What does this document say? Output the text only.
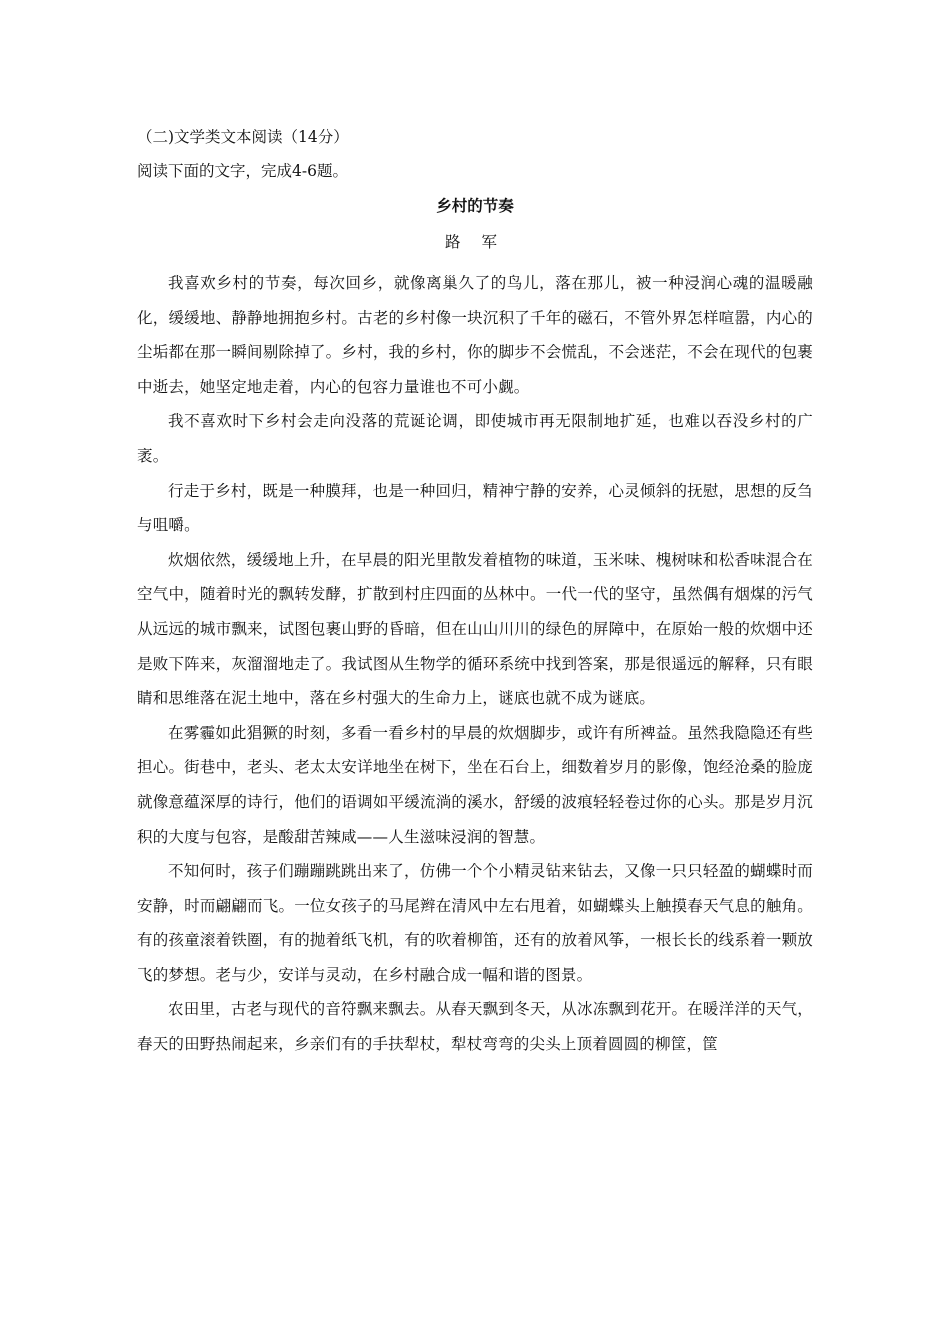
（二)文学类文本阅读（14分）
阅读下面的文字，完成4-6题。
乡村的节奏
路 军

我喜欢乡村的节奏，每次回乡，就像离巢久了的鸟儿，落在那儿，被一种浸润心魂的温暖融化，缓缓地、静静地拥抱乡村。古老的乡村像一块沉积了千年的磁石，不管外界怎样喧嚣，内心的尘垢都在那一瞬间剔除掉了。乡村，我的乡村，你的脚步不会慌乱，不会迷茫，不会在现代的包裹中逝去，她坚定地走着，内心的包容力量谁也不可小觑。

我不喜欢时下乡村会走向没落的荒诞论调，即使城市再无限制地扩延，也难以吞没乡村的广袤。

行走于乡村，既是一种膜拜，也是一种回归，精神宁静的安养，心灵倾斜的抚慰，思想的反刍与咀嚼。

炊烟依然，缓缓地上升，在早晨的阳光里散发着植物的味道，玉米味、槐树味和松香味混合在空气中，随着时光的飘转发酵，扩散到村庄四面的丛林中。一代一代的坚守，虽然偶有烟煤的污气从远远的城市飘来，试图包裹山野的昏暗，但在山山川川的绿色的屏障中，在原始一般的炊烟中还是败下阵来，灰溜溜地走了。我试图从生物学的循环系统中找到答案，那是很遥远的解释，只有眼睛和思维落在泥土地中，落在乡村强大的生命力上，谜底也就不成为谜底。

在雾霾如此猖獗的时刻，多看一看乡村的早晨的炊烟脚步，或许有所裨益。虽然我隐隐还有些担心。街巷中，老头、老太太安详地坐在树下，坐在石台上，细数着岁月的影像，饱经沧桑的脸庞就像意蕴深厚的诗行，他们的语调如平缓流淌的溪水，舒缓的波痕轻轻卷过你的心头。那是岁月沉积的大度与包容，是酸甜苦辣咸——人生滋味浸润的智慧。

不知何时，孩子们蹦蹦跳跳出来了，仿佛一个个小精灵钻来钻去，又像一只只轻盈的蝴蝶时而安静，时而翩翩而飞。一位女孩子的马尾辫在清风中左右甩着，如蝴蝶头上触摸春天气息的触角。有的孩童滚着铁圈，有的抛着纸飞机，有的吹着柳笛，还有的放着风筝，一根长长的线系着一颗放飞的梦想。老与少，安详与灵动，在乡村融合成一幅和谐的图景。

农田里，古老与现代的音符飘来飘去。从春天飘到冬天，从冰冻飘到花开。在暖洋洋的天气，春天的田野热闹起来，乡亲们有的手扶犁杖，犁杖弯弯的尖头上顶着圆圆的柳筐，筐
